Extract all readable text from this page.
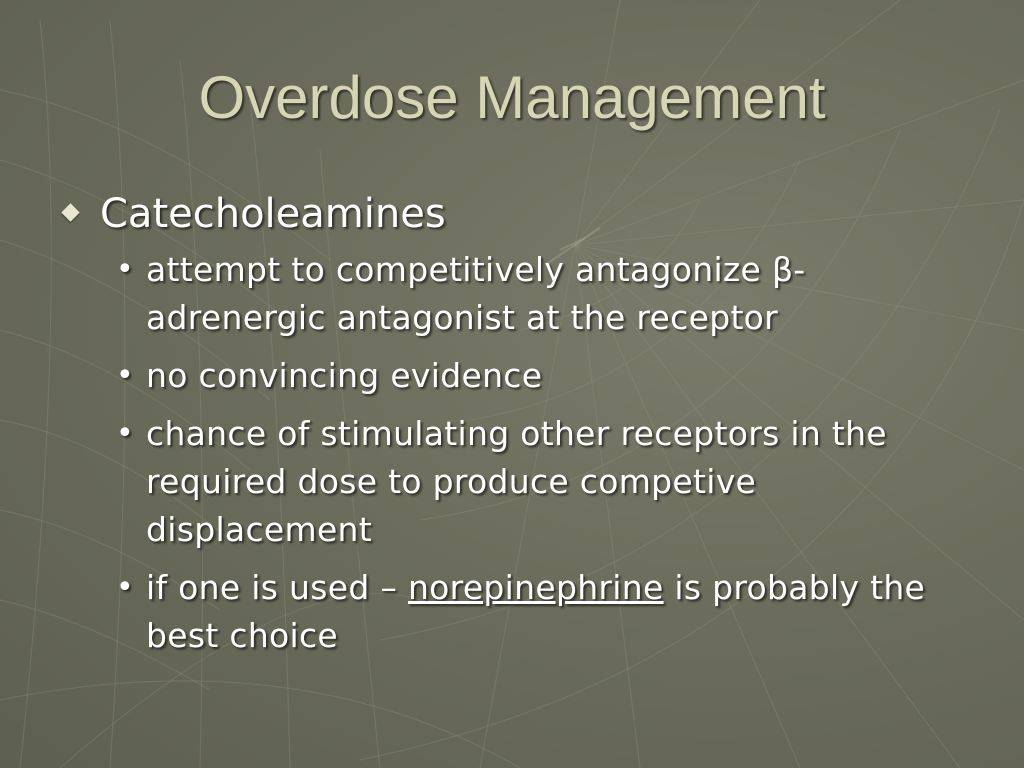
Overdose Management
Catecholeamines
• attempt to competitively antagonize β-adrenergic antagonist at the receptor
• no convincing evidence
• chance of stimulating other receptors in the required dose to produce competive displacement
• if one is used – norepinephrine is probably the best choice
